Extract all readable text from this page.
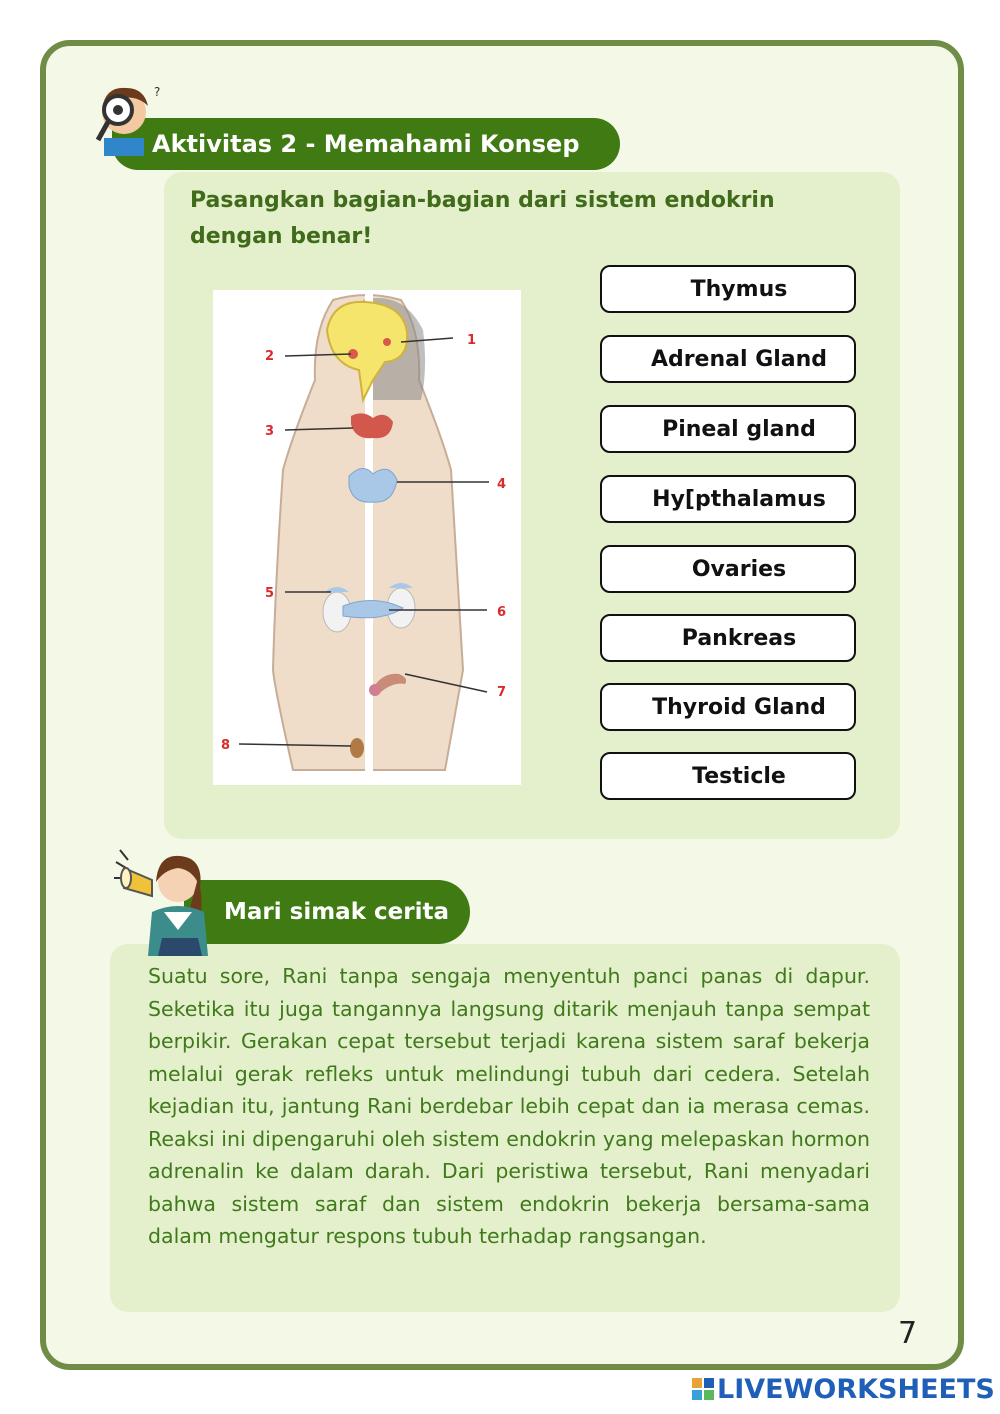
Aktivitas 2 - Memahami Konsep
?
Pasangkan bagian-bagian dari sistem endokrin dengan benar!
1
2
3
4
5
6
7
8
Thymus
Adrenal Gland
Pineal gland
Hy[pthalamus
Ovaries
Pankreas
Thyroid Gland
Testicle
Mari simak cerita
Suatu sore, Rani tanpa sengaja menyentuh panci panas di dapur. Seketika itu juga tangannya langsung ditarik menjauh tanpa sempat berpikir. Gerakan cepat tersebut terjadi karena sistem saraf bekerja melalui gerak refleks untuk melindungi tubuh dari cedera. Setelah kejadian itu, jantung Rani berdebar lebih cepat dan ia merasa cemas. Reaksi ini dipengaruhi oleh sistem endokrin yang melepaskan hormon adrenalin ke dalam darah. Dari peristiwa tersebut, Rani menyadari bahwa sistem saraf dan sistem endokrin bekerja bersama-sama dalam mengatur respons tubuh terhadap rangsangan.
7
LIVEWORKSHEETS
